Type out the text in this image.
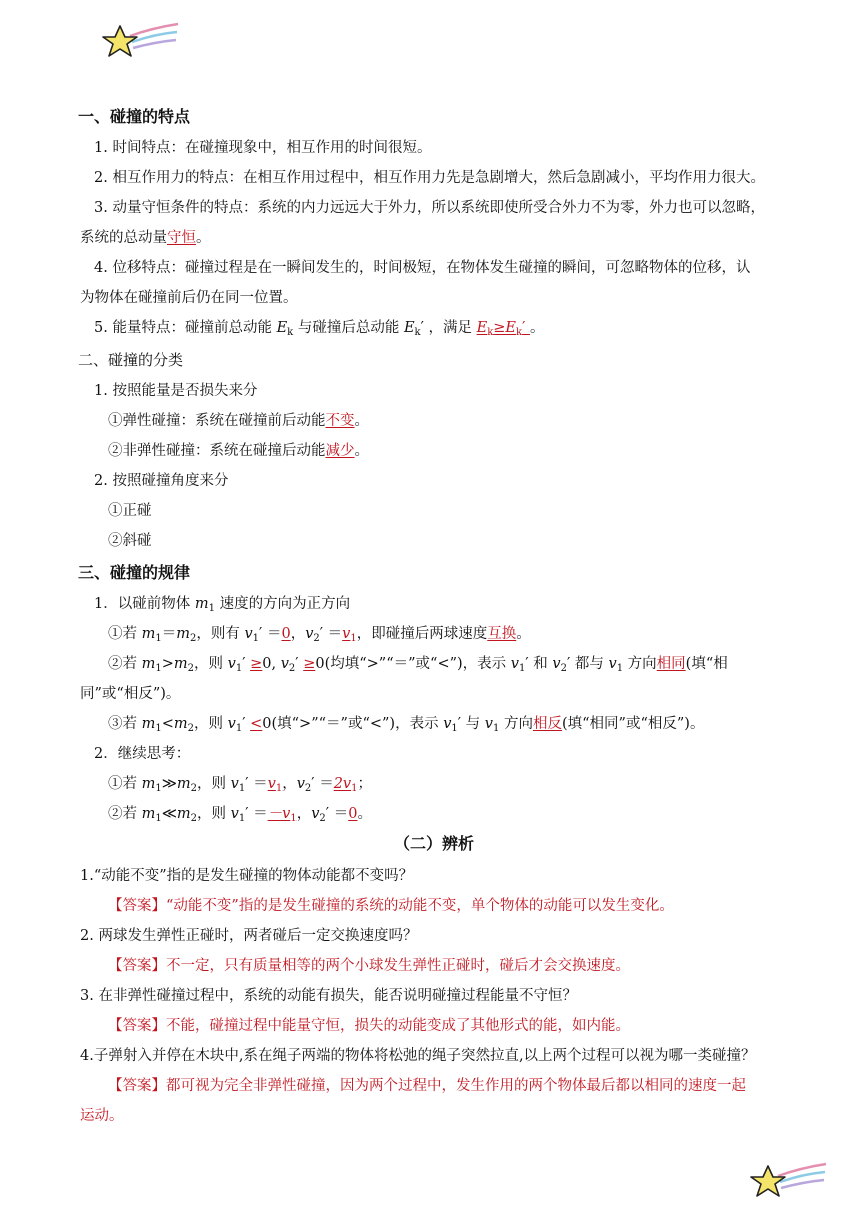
一、碰撞的特点
1. 时间特点：在碰撞现象中，相互作用的时间很短。
2. 相互作用力的特点：在相互作用过程中，相互作用力先是急剧增大，然后急剧减小，平均作用力很大。
3. 动量守恒条件的特点：系统的内力远远大于外力，所以系统即使所受合外力不为零，外力也可以忽略，
系统的总动量守恒。
4. 位移特点：碰撞过程是在一瞬间发生的，时间极短，在物体发生碰撞的瞬间，可忽略物体的位移，认
为物体在碰撞前后仍在同一位置。
5. 能量特点：碰撞前总动能 $E_k$ 与碰撞后总动能 $E_k'$ ，满足 $E_k\ge E_k'$ 。
二、碰撞的分类
1. 按照能量是否损失来分
①弹性碰撞：系统在碰撞前后动能不变。
②非弹性碰撞：系统在碰撞后动能减少。
2. 按照碰撞角度来分
①正碰
②斜碰
三、碰撞的规律
1．以碰前物体 $m_1$ 速度的方向为正方向
①若 $m_1=m_2$，则有 $v_1' =0$，$v_2' =v_1$，即碰撞后两球速度互换。
②若 $m_1>m_2$，则 $v_1' \ge 0$, $v_2' \ge 0$(均填“>”“＝”或“<”)，表示 $v_1'$ 和 $v_2'$ 都与 $v_1$ 方向相同(填“相
同”或“相反”)。
③若 $m_1<m_2$，则 $v_1' <0$(填“>”“＝”或“<”)，表示 $v_1'$ 与 $v_1$ 方向相反(填“相同”或“相反”)。
2．继续思考：
①若 $m_1≫m_2$，则 $v_1' =v_1$，$v_2' =2v_1$；
②若 $m_1≪m_2$，则 $v_1' =-v_1$，$v_2' =0$。
（二）辨析
1.“动能不变”指的是发生碰撞的物体动能都不变吗？
【答案】“动能不变”指的是发生碰撞的系统的动能不变，单个物体的动能可以发生变化。
2. 两球发生弹性正碰时，两者碰后一定交换速度吗？
【答案】不一定，只有质量相等的两个小球发生弹性正碰时，碰后才会交换速度。
3. 在非弹性碰撞过程中，系统的动能有损失，能否说明碰撞过程能量不守恒？
【答案】不能，碰撞过程中能量守恒，损失的动能变成了其他形式的能，如内能。
4.子弹射入并停在木块中,系在绳子两端的物体将松弛的绳子突然拉直,以上两个过程可以视为哪一类碰撞？
【答案】都可视为完全非弹性碰撞，因为两个过程中，发生作用的两个物体最后都以相同的速度一起
运动。
